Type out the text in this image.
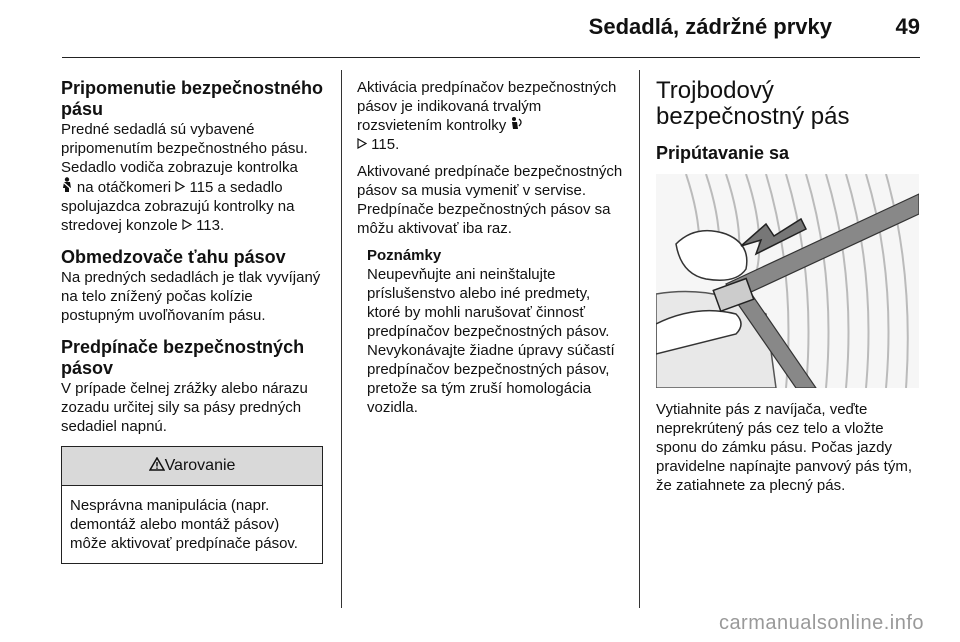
Sedadlá, zádržné prvky	49
Pripomenutie bezpečnostného pásu

Predné sedadlá sú vybavené pripomenutím bezpečnostného pásu. Sedadlo vodiča zobrazuje kontrolka
na otáčkomeri 115 a sedadlo spolujazdca zobrazujú kontrolky na stredovej konzole 113.

Obmedzovače ťahu pásov

Na predných sedadlách je tlak vyvíjaný na telo znížený počas kolízie postupným uvoľňovaním pásu.

Predpínače bezpečnostných pásov

V prípade čelnej zrážky alebo nárazu zozadu určitej sily sa pásy predných sedadiel napnú.

Varovanie

Nesprávna manipulácia (napr. demontáž alebo montáž pásov) môže aktivovať predpínače pásov.

Aktivácia predpínačov bezpečnostných pásov je indikovaná trvalým rozsvietením kontrolky
115.

Aktivované predpínače bezpečnostných pásov sa musia vymeniť v servise. Predpínače bezpečnostných pásov sa môžu aktivovať iba raz.

Poznámky

Neupevňujte ani neinštalujte príslušenstvo alebo iné predmety, ktoré by mohli narušovať činnosť predpínačov bezpečnostných pásov. Nevykonávajte žiadne úpravy súčastí predpínačov bezpečnostných pásov, pretože sa tým zruší homologácia vozidla.

Trojbodový bezpečnostný pás
Pripútavanie sa

Vytiahnite pás z navíjača, veďte neprekrútený pás cez telo a vložte sponu do zámku pásu. Počas jazdy pravidelne napínajte panvový pás tým, že zatiahnete za plecný pás.

carmanualsonline.info
